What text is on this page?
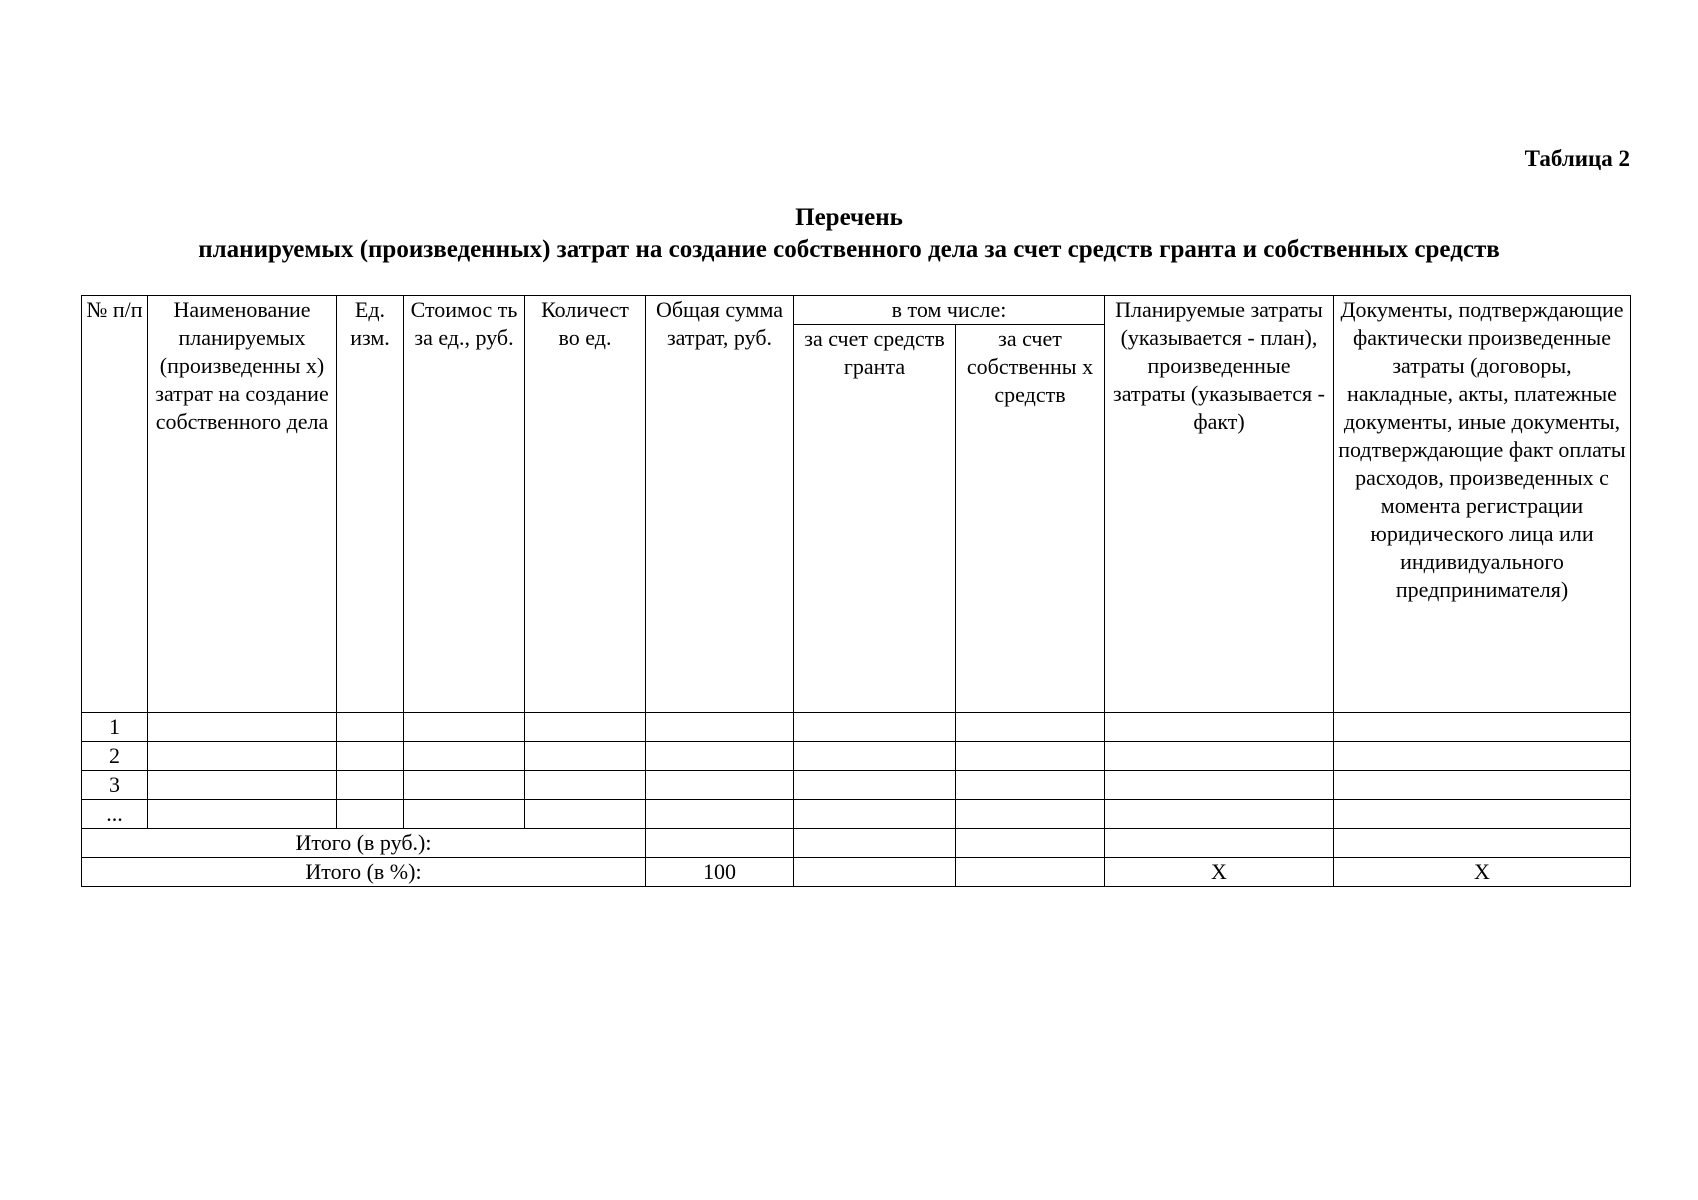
Таблица 2
Перечень
планируемых (произведенных) затрат на создание собственного дела за счет средств гранта и собственных средств
№ п/п	Наименование планируемых (произведенны х) затрат на создание собственного дела	Ед. изм.	Стоимос ть за ед., руб.	Количест во ед.	Общая сумма затрат, руб.	в том числе:		Планируемые затраты (указывается - план), произведенные затраты (указывается - факт)	Документы, подтверждающие фактически произведенные затраты (договоры, накладные, акты, платежные документы, иные документы, подтверждающие факт оплаты расходов, произведенных с момента регистрации юридического лица или индивидуального предпринимателя)
						за счет средств гранта	за счет собственны х средств		
1									
2									
3									
...									
Итого (в руб.):									
Итого (в %):					100			X	X
